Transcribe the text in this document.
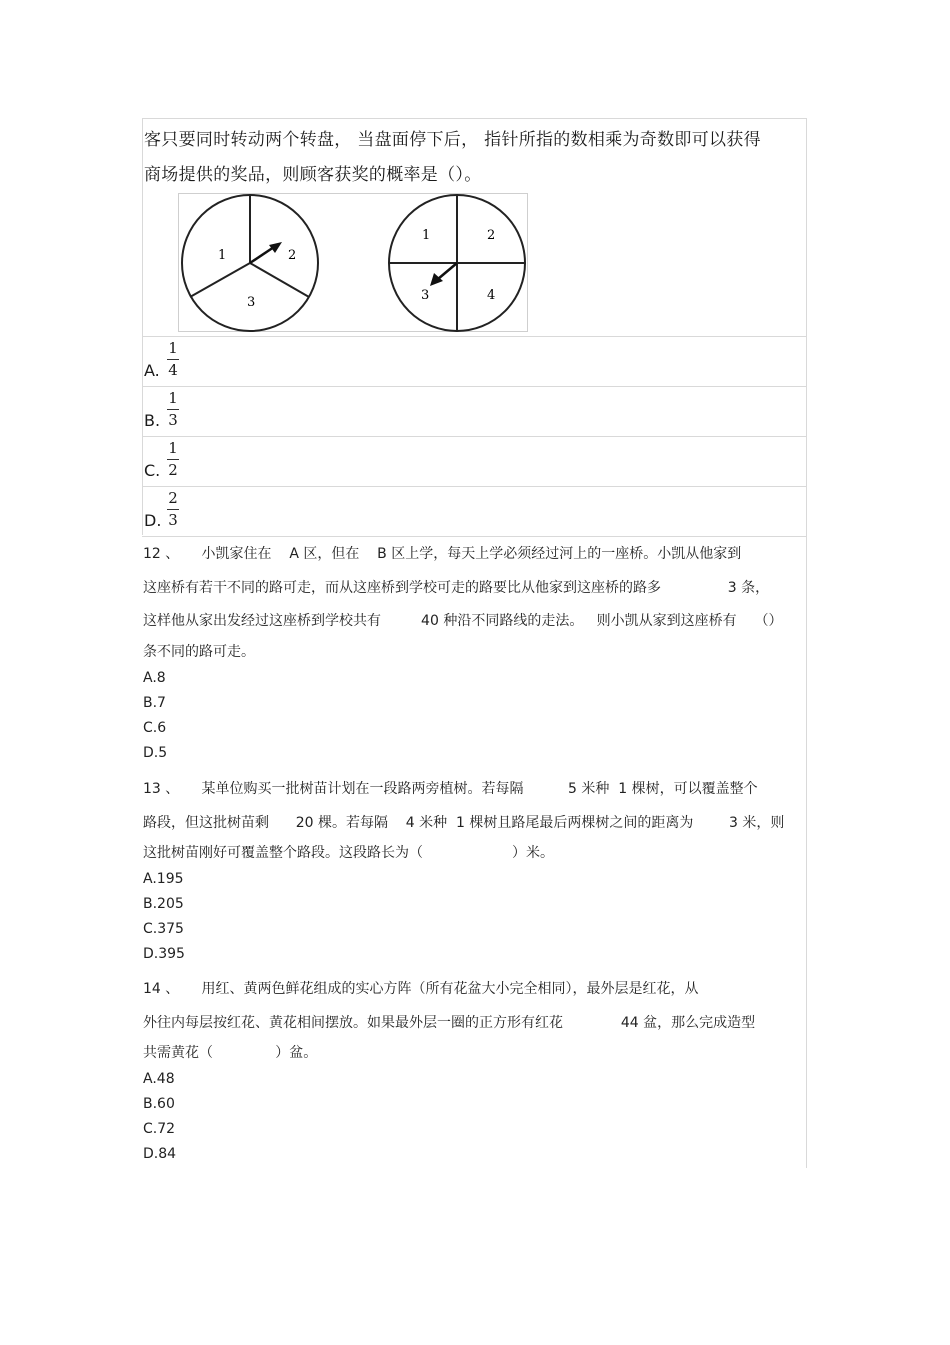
客只要同时转动两个转盘， 当盘面停下后， 指针所指的数相乘为奇数即可以获得
商场提供的奖品，则顾客获奖的概率是（）。
1	2
3
1	2
3	4
A.
1
4
B.
1
3
C.
1
2
D.
2
3
12 、     小凯家住在    A 区，但在    B 区上学，每天上学必须经过河上的一座桥。小凯从他家到
这座桥有若干不同的路可走，而从这座桥到学校可走的路要比从他家到这座桥的路多               3 条，
这样他从家出发经过这座桥到学校共有         40 种沿不同路线的走法。   则小凯从家到这座桥有    （）
条不同的路可走。
A.8
B.7
C.6
D.5
13 、     某单位购买一批树苗计划在一段路两旁植树。若每隔          5 米种  1 棵树，可以覆盖整个
路段，但这批树苗剩      20 棵。若每隔    4 米种  1 棵树且路尾最后两棵树之间的距离为        3 米，则
这批树苗刚好可覆盖整个路段。这段路长为（                    ）米。
A.195
B.205
C.375
D.395
14 、     用红、黄两色鲜花组成的实心方阵（所有花盆大小完全相同），最外层是红花，从
外往内每层按红花、黄花相间摆放。如果最外层一圈的正方形有红花             44 盆，那么完成造型
共需黄花（              ）盆。
A.48
B.60
C.72
D.84
